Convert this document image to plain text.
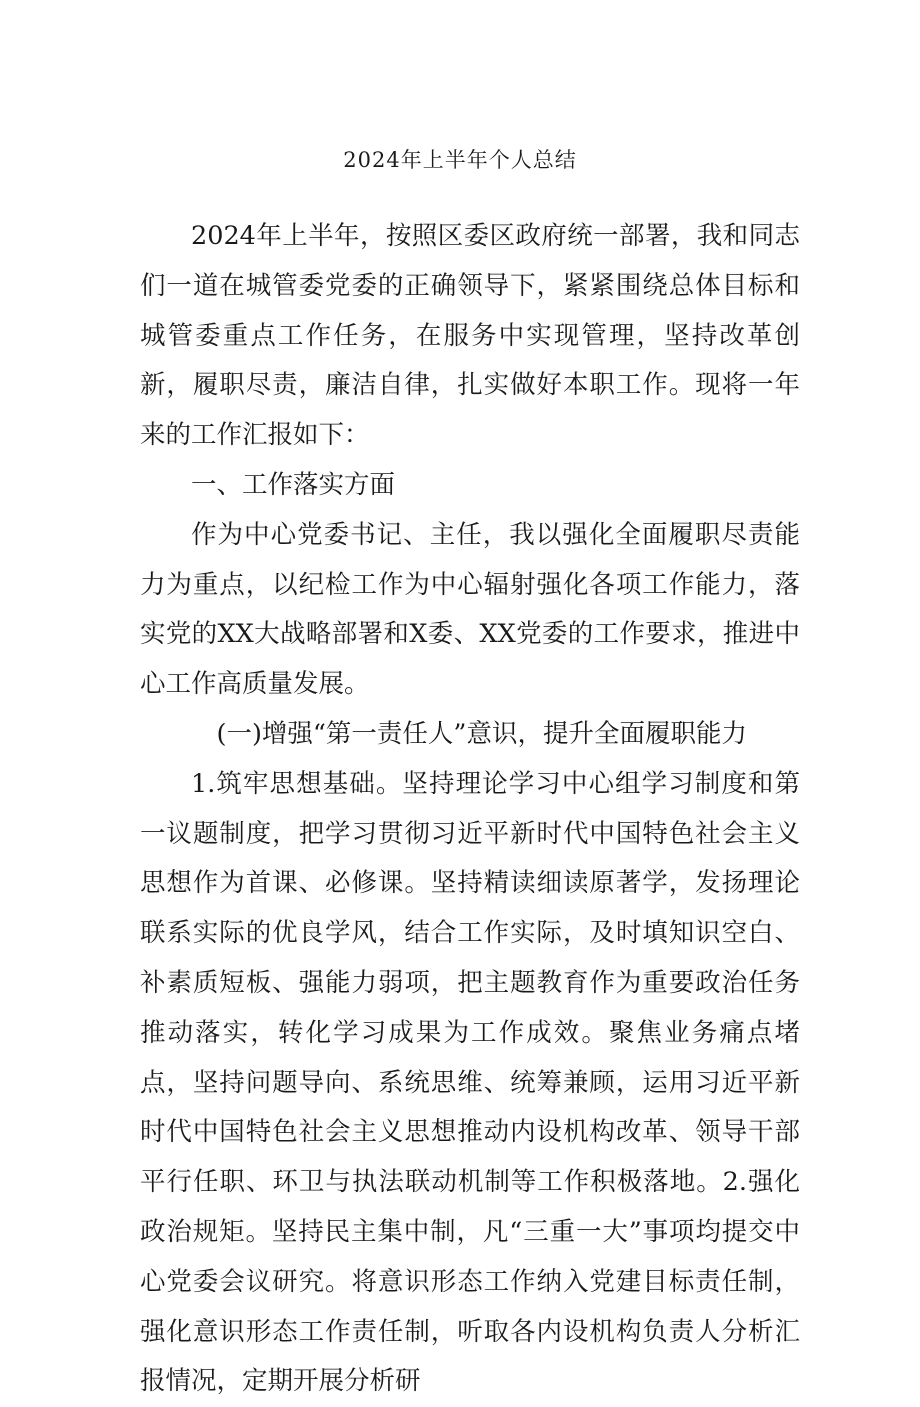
2024年上半年个人总结

2024年上半年，按照区委区政府统一部署，我和同志们一道在城管委党委的正确领导下，紧紧围绕总体目标和城管委重点工作任务，在服务中实现管理，坚持改革创新，履职尽责，廉洁自律，扎实做好本职工作。现将一年来的工作汇报如下：

一、工作落实方面

作为中心党委书记、主任，我以强化全面履职尽责能力为重点，以纪检工作为中心辐射强化各项工作能力，落实党的XX大战略部署和X委、XX党委的工作要求，推进中心工作高质量发展。

(一)增强“第一责任人”意识，提升全面履职能力

1.筑牢思想基础。坚持理论学习中心组学习制度和第一议题制度，把学习贯彻习近平新时代中国特色社会主义思想作为首课、必修课。坚持精读细读原著学，发扬理论联系实际的优良学风，结合工作实际，及时填知识空白、补素质短板、强能力弱项，把主题教育作为重要政治任务推动落实，转化学习成果为工作成效。聚焦业务痛点堵点，坚持问题导向、系统思维、统筹兼顾，运用习近平新时代中国特色社会主义思想推动内设机构改革、领导干部平行任职、环卫与执法联动机制等工作积极落地。2.强化政治规矩。坚持民主集中制，凡“三重一大”事项均提交中心党委会议研究。将意识形态工作纳入党建目标责任制，强化意识形态工作责任制，听取各内设机构负责人分析汇报情况，定期开展分析研
